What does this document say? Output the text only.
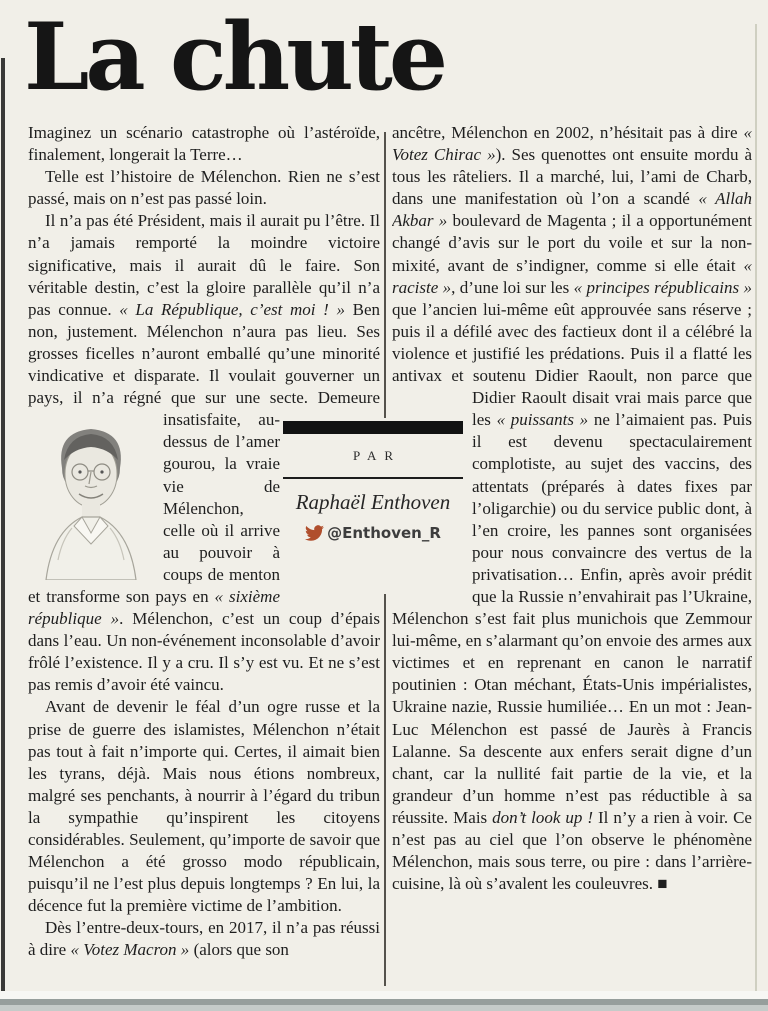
La chute

Imaginez un scénario catastrophe où l’astéroïde, finalement, longerait la Terre…

Telle est l’histoire de Mélenchon. Rien ne s’est passé, mais on n’est pas passé loin.

Il n’a pas été Président, mais il aurait pu l’être. Il n’a jamais remporté la moindre victoire significative, mais il aurait dû le faire. Son véritable destin, c’est la gloire parallèle qu’il n’a pas connue. « La République, c’est moi ! » Ben non, justement. Mélenchon n’aura pas lieu. Ses grosses ficelles n’auront emballé qu’une minorité vindicative et disparate. Il voulait gouverner un pays, il n’a régné que sur une secte. Demeure insatisfaite, au-dessus de l’amer gourou, la vraie vie de Mélenchon, celle où il arrive au pouvoir à coups de menton et transforme son pays en « sixième république ». Mélenchon, c’est un coup d’épais dans l’eau. Un non-événement inconsolable d’avoir frôlé l’existence. Il y a cru. Il s’y est vu. Et ne s’est pas remis d’avoir été vaincu.

Avant de devenir le féal d’un ogre russe et la prise de guerre des islamistes, Mélenchon n’était pas tout à fait n’importe qui. Certes, il aimait bien les tyrans, déjà. Mais nous étions nombreux, malgré ses penchants, à nourrir à l’égard du tribun la sympathie qu’inspirent les citoyens considérables. Seulement, qu’importe de savoir que Mélenchon a été grosso modo républicain, puisqu’il ne l’est plus depuis longtemps ? En lui, la décence fut la première victime de l’ambition.

Dès l’entre-deux-tours, en 2017, il n’a pas réussi à dire « Votez Macron » (alors que son

ancêtre, Mélenchon en 2002, n’hésitait pas à dire « Votez Chirac »). Ses quenottes ont ensuite mordu à tous les râteliers. Il a marché, lui, l’ami de Charb, dans une manifestation où l’on a scandé « Allah Akbar » boulevard de Magenta ; il a opportunément changé d’avis sur le port du voile et sur la non-mixité, avant de s’indigner, comme si elle était « raciste », d’une loi sur les « principes républicains » que l’ancien lui-même eût approuvée sans réserve ; puis il a défilé avec des factieux dont il a célébré la violence et justifié les prédations. Puis il a flatté les antivax et soutenu Didier Raoult, non parce que Didier Raoult disait vrai mais parce que les « puissants » ne l’aimaient pas. Puis il est devenu spectaculairement complotiste, au sujet des vaccins, des attentats (préparés à dates fixes par l’oligarchie) ou du service public dont, à l’en croire, les pannes sont organisées pour nous convaincre des vertus de la privatisation… Enfin, après avoir prédit que la Russie n’envahirait pas l’Ukraine, Mélenchon s’est fait plus munichois que Zemmour lui-même, en s’alarmant qu’on envoie des armes aux victimes et en reprenant en canon le narratif poutinien : Otan méchant, États-Unis impérialistes, Ukraine nazie, Russie humiliée… En un mot : Jean-Luc Mélenchon est passé de Jaurès à Francis Lalanne. Sa descente aux enfers serait digne d’un chant, car la nullité fait partie de la vie, et la grandeur d’un homme n’est pas réductible à sa réussite. Mais don’t look up ! Il n’y a rien à voir. Ce n’est pas au ciel que l’on observe le phénomène Mélenchon, mais sous terre, ou pire : dans l’arrière-cuisine, là où s’avalent les couleuvres. ■

PAR
Raphaël Enthoven
@Enthoven_R
